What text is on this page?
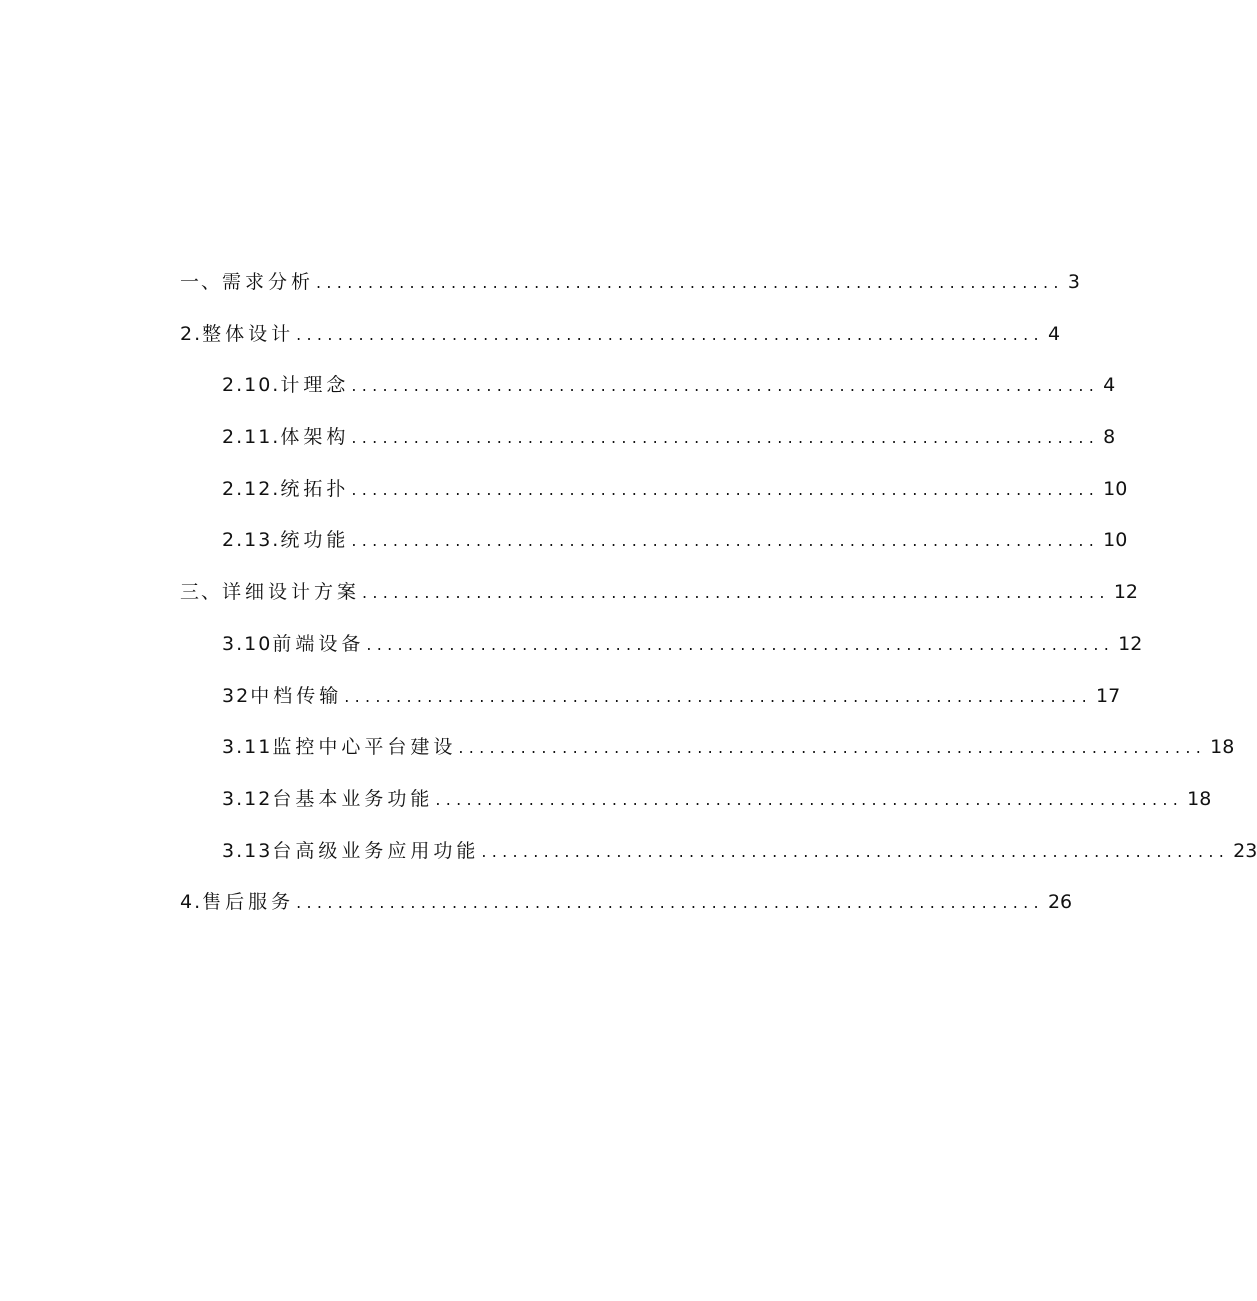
一、 需求分析 ........................................................................ 3
2. 整体设计 ........................................................................ 4
2.10. 计理念 ........................................................................ 4
2.11. 体架构 ........................................................................ 8
2.12. 统拓扑 ........................................................................ 10
2.13. 统功能 ........................................................................ 10
三、 详细设计方案 ........................................................................ 12
3.10 前端设备 ........................................................................ 12
32 中档传输 ........................................................................ 17
3.11 监控中心平台建设 ........................................................................ 18
3.12 台基本业务功能 ........................................................................ 18
3.13 台高级业务应用功能 ........................................................................ 23
4. 售后服务 ........................................................................ 26
